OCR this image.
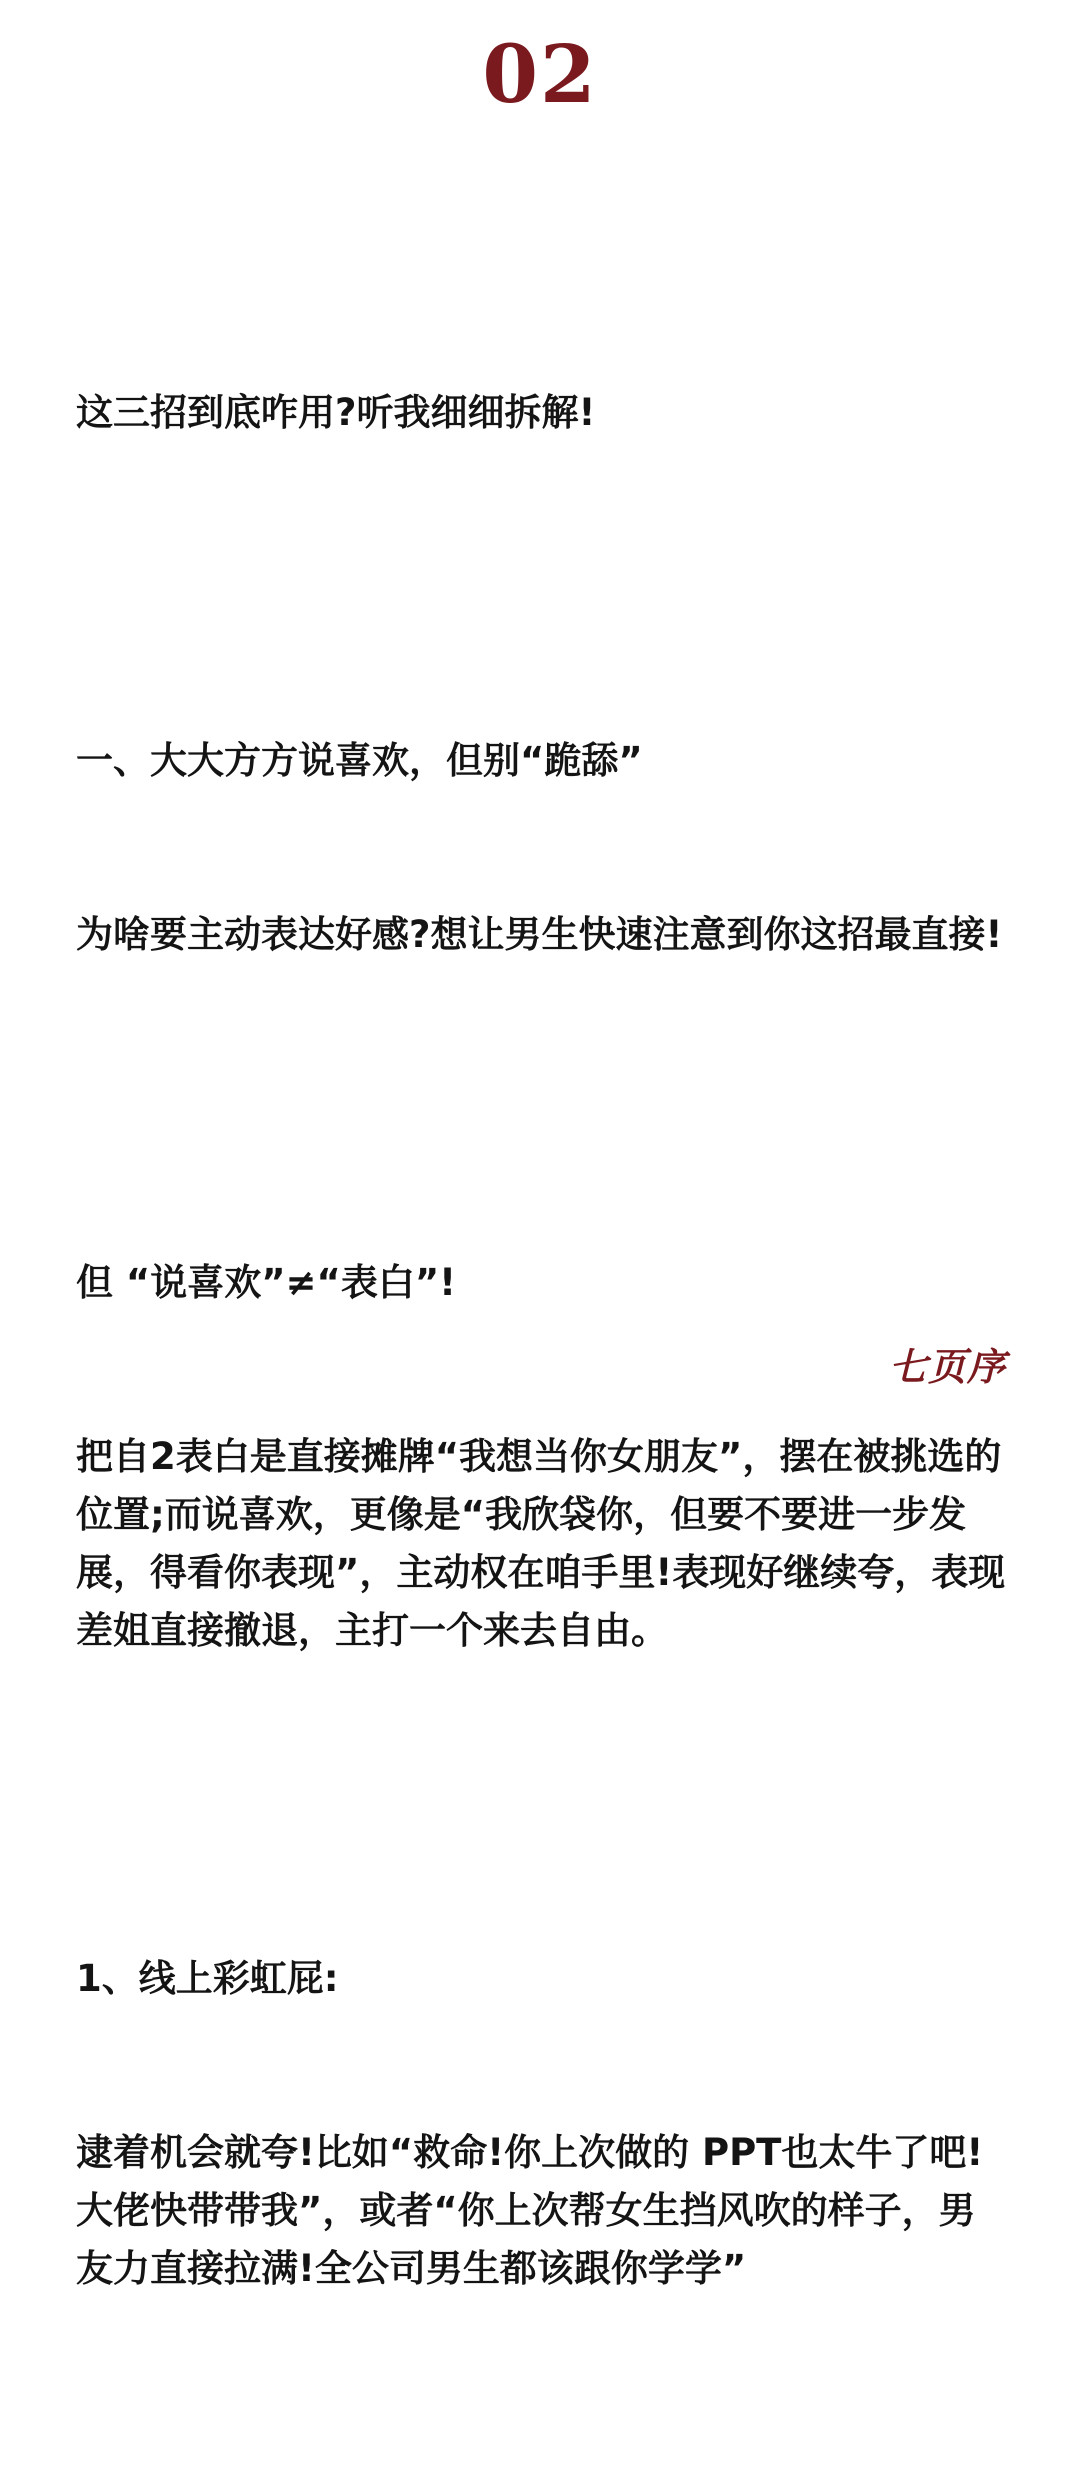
02

这三招到底咋用?听我细细拆解!

一、大大方方说喜欢，但别“跪舔”

为啥要主动表达好感?想让男生快速注意到你这招最直接!

但 “说喜欢”≠“表白”!

把自2表白是直接摊牌“我想当你女朋友”，摆在被挑选的位置;而说喜欢，更像是“我欣袋你，但要不要进一步发展，得看你表现”，主动权在咱手里!表现好继续夸，表现差姐直接撤退，主打一个来去自由。

1、线上彩虹屁:

逮着机会就夸!比如“救命!你上次做的 PPT也太牛了吧!大佬快带带我”，或者“你上次帮女生挡风吹的样子，男友力直接拉满!全公司男生都该跟你学学”

七页序
